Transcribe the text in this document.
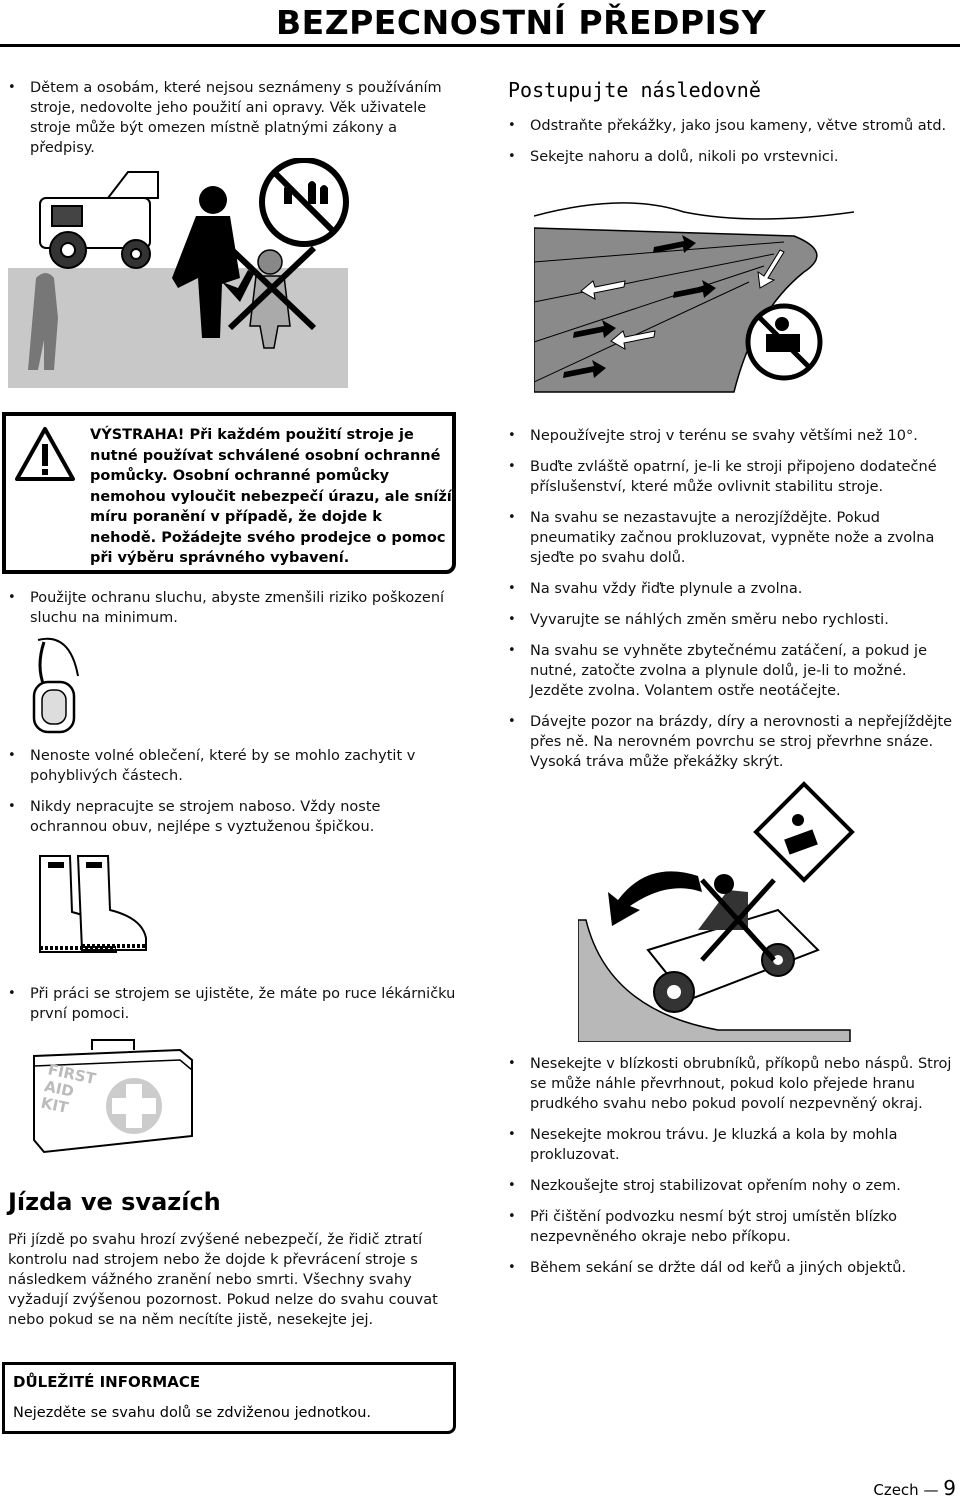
BEZPECNOSTNÍ PŘEDPISY
• Dětem a osobám, které nejsou seznámeny s používáním stroje, nedovolte jeho použití ani opravy. Věk uživatele stroje může být omezen místně platnými zákony a předpisy.
Postupujte následovně
• Odstraňte překážky, jako jsou kameny, větve stromů atd.
• Sekejte nahoru a dolů, nikoli po vrstevnici.
VÝSTRAHA! Při každém použití stroje je nutné používat schválené osobní ochranné pomůcky. Osobní ochranné pomůcky nemohou vyloučit nebezpečí úrazu, ale sníží míru poranění v případě, že dojde k nehodě. Požádejte svého prodejce o pomoc při výběru správného vybavení.
• Použijte ochranu sluchu, abyste zmenšili riziko poškození sluchu na minimum.
• Nenoste volné oblečení, které by se mohlo zachytit v pohyblivých částech.
• Nikdy nepracujte se strojem naboso. Vždy noste ochrannou obuv, nejlépe s vyztuženou špičkou.
• Při práci se strojem se ujistěte, že máte po ruce lékárničku první pomoci.
FIRST AID KIT
Jízda ve svazích
Při jízdě po svahu hrozí zvýšené nebezpečí, že řidič ztratí kontrolu nad strojem nebo že dojde k převrácení stroje s následkem vážného zranění nebo smrti. Všechny svahy vyžadují zvýšenou pozornost. Pokud nelze do svahu couvat nebo pokud se na něm necítíte jistě, nesekejte jej.
DŮLEŽITÉ INFORMACE
Nejezděte se svahu dolů se zdviženou jednotkou.
• Nepoužívejte stroj v terénu se svahy většími než 10°.
• Buďte zvláště opatrní, je-li ke stroji připojeno dodatečné příslušenství, které může ovlivnit stabilitu stroje.
• Na svahu se nezastavujte a nerozjíždějte. Pokud pneumatiky začnou prokluzovat, vypněte nože a zvolna sjeďte po svahu dolů.
• Na svahu vždy řiďte plynule a zvolna.
• Vyvarujte se náhlých změn směru nebo rychlosti.
• Na svahu se vyhněte zbytečnému zatáčení, a pokud je nutné, zatočte zvolna a plynule dolů, je-li to možné. Jezděte zvolna. Volantem ostře neotáčejte.
• Dávejte pozor na brázdy, díry a nerovnosti a nepřejíždějte přes ně. Na nerovném povrchu se stroj převrhne snáze. Vysoká tráva může překážky skrýt.
• Nesekejte v blízkosti obrubníků, příkopů nebo náspů. Stroj se může náhle převrhnout, pokud kolo přejede hranu prudkého svahu nebo pokud povolí nezpevněný okraj.
• Nesekejte mokrou trávu. Je kluzká a kola by mohla prokluzovat.
• Nezkoušejte stroj stabilizovat opřením nohy o zem.
• Při čištění podvozku nesmí být stroj umístěn blízko nezpevněného okraje nebo příkopu.
• Během sekání se držte dál od keřů a jiných objektů.
Czech — 9
